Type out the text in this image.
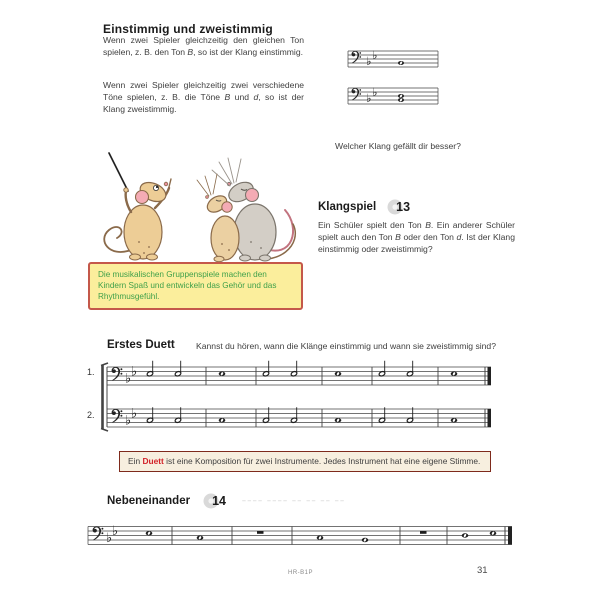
Einstimmig und zweistimmig

Wenn zwei Spieler gleichzeitig den gleichen Ton spielen, z. B. den Ton B, so ist der Klang einstimmig.

Wenn zwei Spieler gleichzeitig zwei verschiedene Töne spielen, z. B. die Töne B und d, so ist der Klang zweistimmig.

♭ ♭
♭ ♭
Welcher Klang gefällt dir besser?
Die musikalischen Gruppenspiele machen den Kindern Spaß und entwickeln das Gehör und das Rhythmusgefühl.
Klangspiel 13

Ein Schüler spielt den Ton B. Ein anderer Schüler spielt auch den Ton B oder den Ton d. Ist der Klang einstimmig oder zweistimmig?

Erstes Duett Kannst du hören, wann die Klänge einstimmig und wann sie zweistimmig sind?
1.
2.
♭ ♭
♭ ♭
Ein Duett ist eine Komposition für zwei Instrumente. Jedes Instrument hat eine eigene Stimme.
Nebeneinander 14 –––– –––– –– –– –– ––
♭ ♭
HR-B1P	31
